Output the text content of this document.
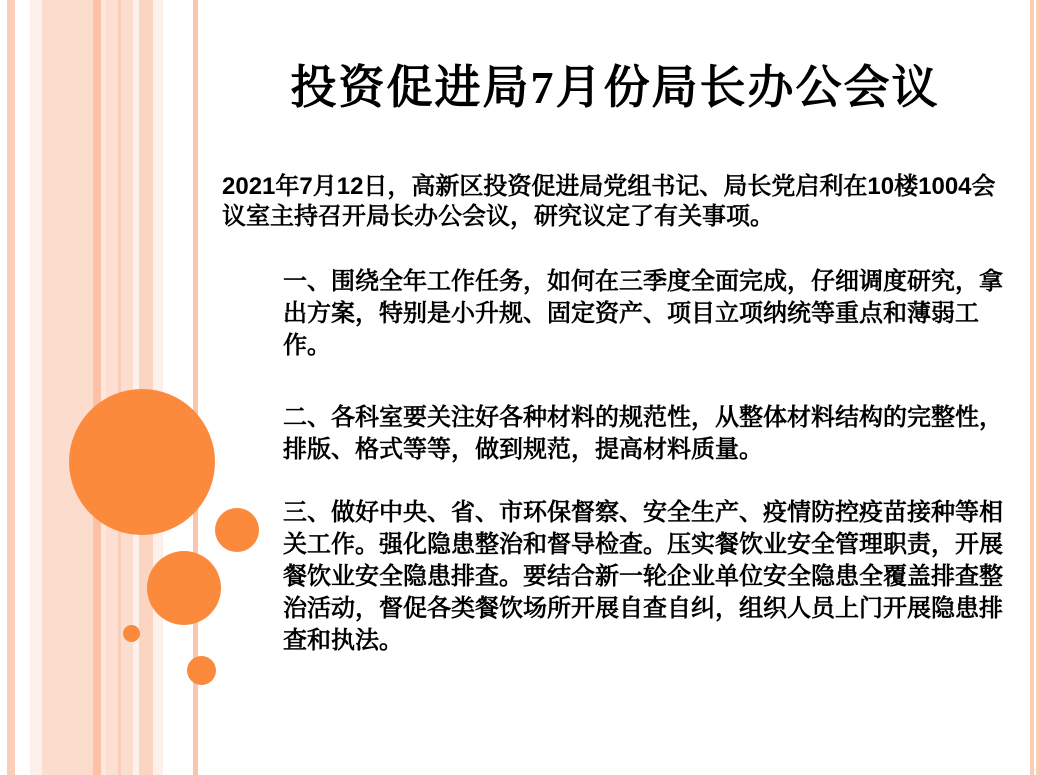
投资促进局7月份局长办公会议

2021年7月12日，高新区投资促进局党组书记、局长党启利在10楼1004会议室主持召开局长办公会议，研究议定了有关事项。

一、围绕全年工作任务，如何在三季度全面完成，仔细调度研究，拿出方案，特别是小升规、固定资产、项目立项纳统等重点和薄弱工作。

二、各科室要关注好各种材料的规范性，从整体材料结构的完整性，排版、格式等等，做到规范，提高材料质量。

三、做好中央、省、市环保督察、安全生产、疫情防控疫苗接种等相关工作。强化隐患整治和督导检查。压实餐饮业安全管理职责，开展餐饮业安全隐患排查。要结合新一轮企业单位安全隐患全覆盖排查整治活动，督促各类餐饮场所开展自查自纠，组织人员上门开展隐患排查和执法。
